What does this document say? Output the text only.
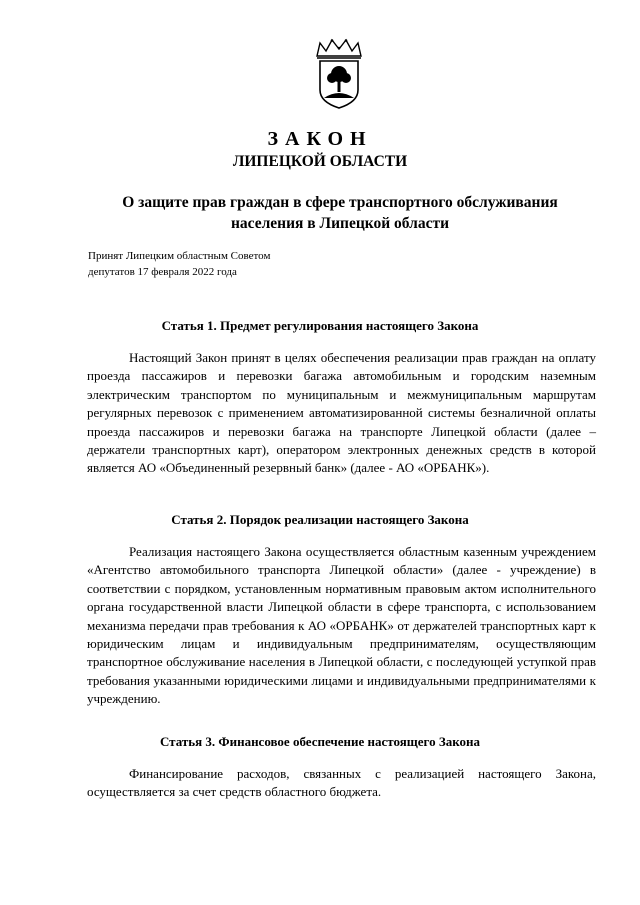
ЗАКОН
ЛИПЕЦКОЙ ОБЛАСТИ
О защите прав граждан в сфере транспортного обслуживания
населения в Липецкой области
Принят Липецким областным Советом
депутатов 17 февраля 2022 года
Статья 1. Предмет регулирования настоящего Закона

Настоящий Закон принят в целях обеспечения реализации прав граждан на оплату проезда пассажиров и перевозки багажа автомобильным и городским наземным электрическим транспортом по муниципальным и межмуниципальным маршрутам регулярных перевозок с применением автоматизированной системы безналичной оплаты проезда пассажиров и перевозки багажа на транспорте Липецкой области (далее – держатели транспортных карт), оператором электронных денежных средств в которой является АО «Объединенный резервный банк» (далее - АО «ОРБАНК»).

Статья 2. Порядок реализации настоящего Закона

Реализация настоящего Закона осуществляется областным казенным учреждением «Агентство автомобильного транспорта Липецкой области» (далее - учреждение) в соответствии с порядком, установленным нормативным правовым актом исполнительного органа государственной власти Липецкой области в сфере транспорта, с использованием механизма передачи прав требования к АО «ОРБАНК» от держателей транспортных карт к юридическим лицам и индивидуальным предпринимателям, осуществляющим транспортное обслуживание населения в Липецкой области, с последующей уступкой прав требования указанными юридическими лицами и индивидуальными предпринимателями к учреждению.

Статья 3. Финансовое обеспечение настоящего Закона

Финансирование расходов, связанных с реализацией настоящего Закона, осуществляется за счет средств областного бюджета.
